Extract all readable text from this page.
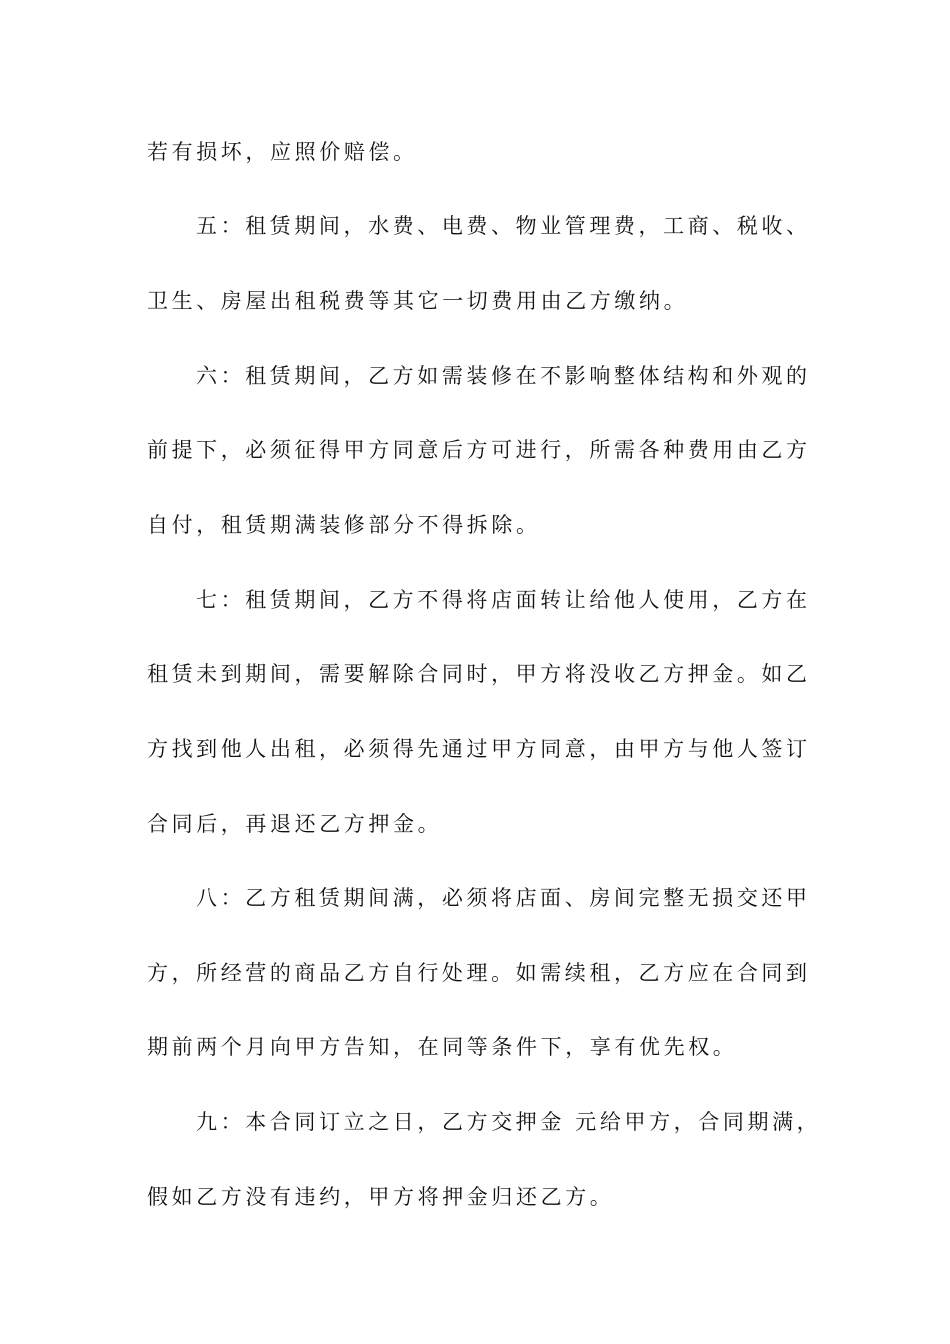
若有损坏，应照价赔偿。
五：租赁期间，水费、电费、物业管理费，工商、税收、
卫生、房屋出租税费等其它一切费用由乙方缴纳。
六：租赁期间，乙方如需装修在不影响整体结构和外观的
前提下，必须征得甲方同意后方可进行，所需各种费用由乙方
自付，租赁期满装修部分不得拆除。
七：租赁期间，乙方不得将店面转让给他人使用，乙方在
租赁未到期间，需要解除合同时，甲方将没收乙方押金。如乙
方找到他人出租，必须得先通过甲方同意，由甲方与他人签订
合同后，再退还乙方押金。
八：乙方租赁期间满，必须将店面、房间完整无损交还甲
方，所经营的商品乙方自行处理。如需续租，乙方应在合同到
期前两个月向甲方告知，在同等条件下，享有优先权。
九：本合同订立之日，乙方交押金 元给甲方，合同期满，
假如乙方没有违约，甲方将押金归还乙方。
